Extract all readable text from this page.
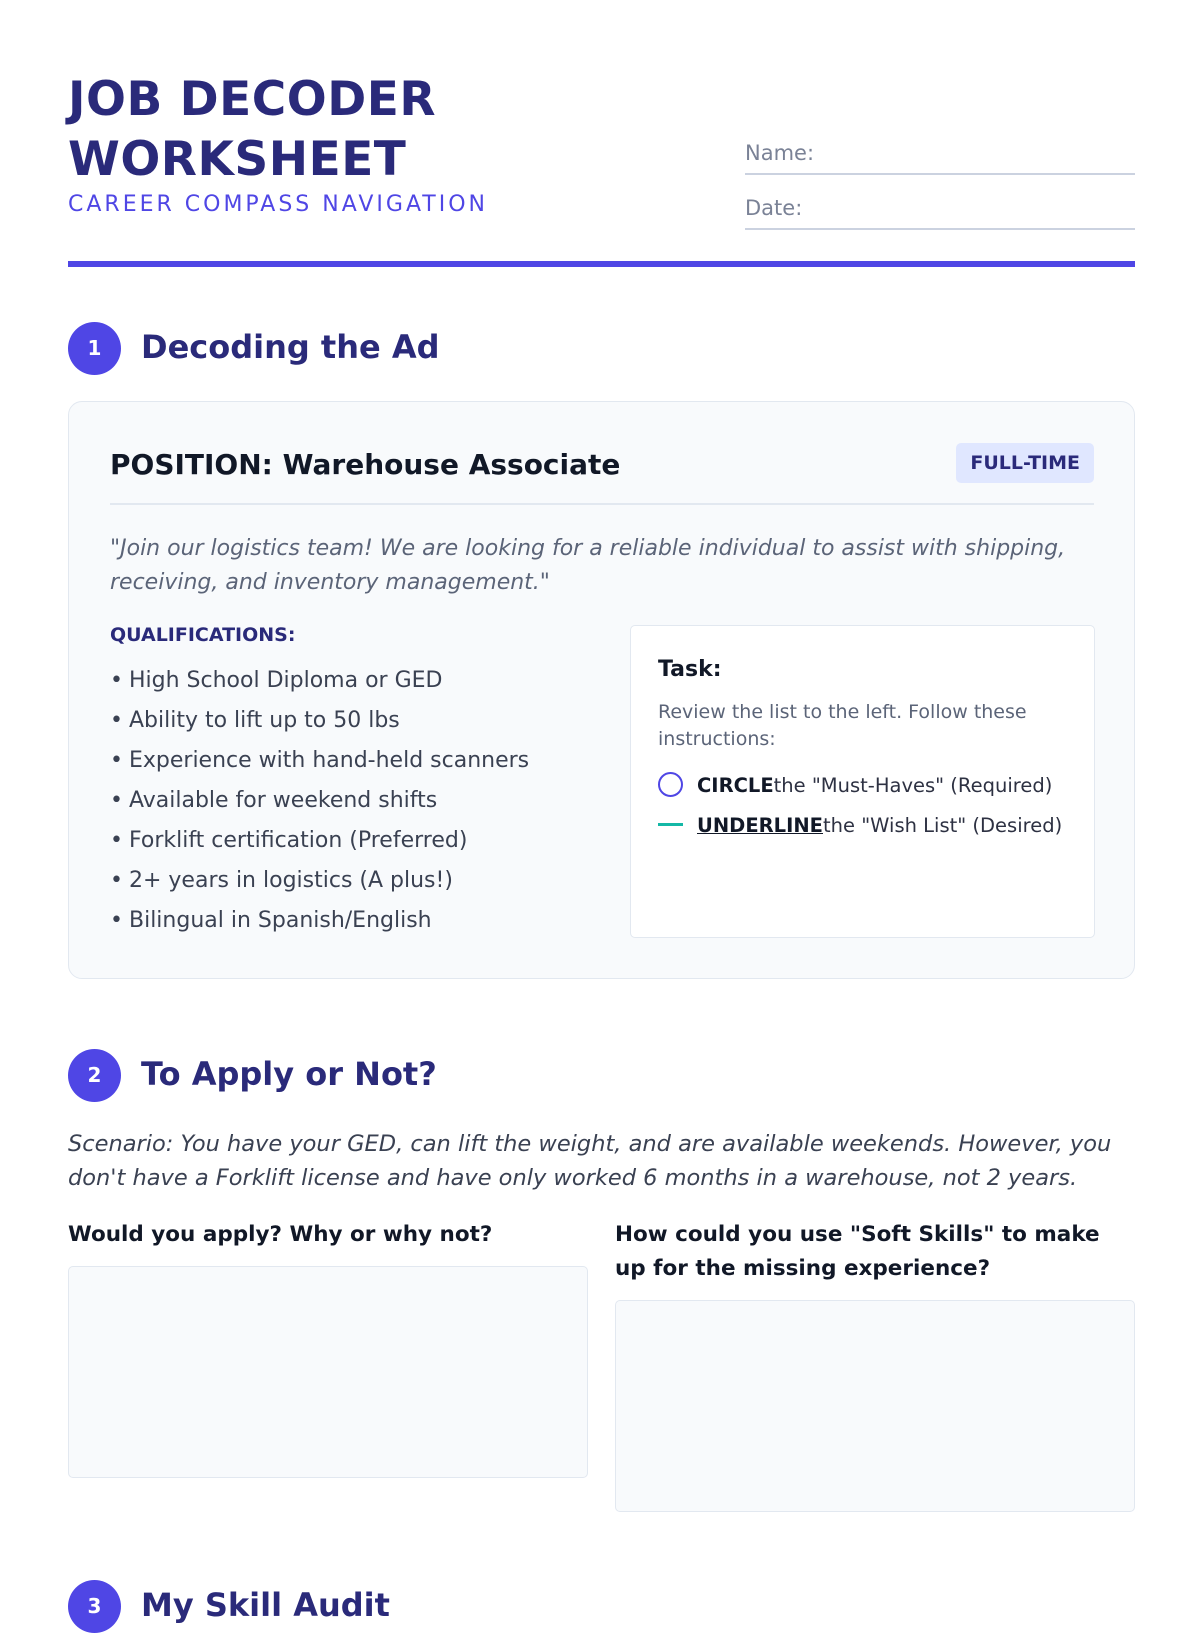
JOB DECODER
WORKSHEET
CAREER COMPASS NAVIGATION
Name:
Date:
1	Decoding the Ad
POSITION: Warehouse Associate	FULL-TIME
"Join our logistics team! We are looking for a reliable individual to assist with shipping, receiving, and inventory management."
QUALIFICATIONS:
• High School Diploma or GED
• Ability to lift up to 50 lbs
• Experience with hand-held scanners
• Available for weekend shifts
• Forklift certification (Preferred)
• 2+ years in logistics (A plus!)
• Bilingual in Spanish/English
Task:
Review the list to the left. Follow these instructions:
CIRCLEthe "Must-Haves" (Required)
UNDERLINEthe "Wish List" (Desired)
2	To Apply or Not?
Scenario: You have your GED, can lift the weight, and are available weekends. However, you don't have a Forklift license and have only worked 6 months in a warehouse, not 2 years.
Would you apply? Why or why not?	How could you use "Soft Skills" to make up for the missing experience?
3	My Skill Audit
